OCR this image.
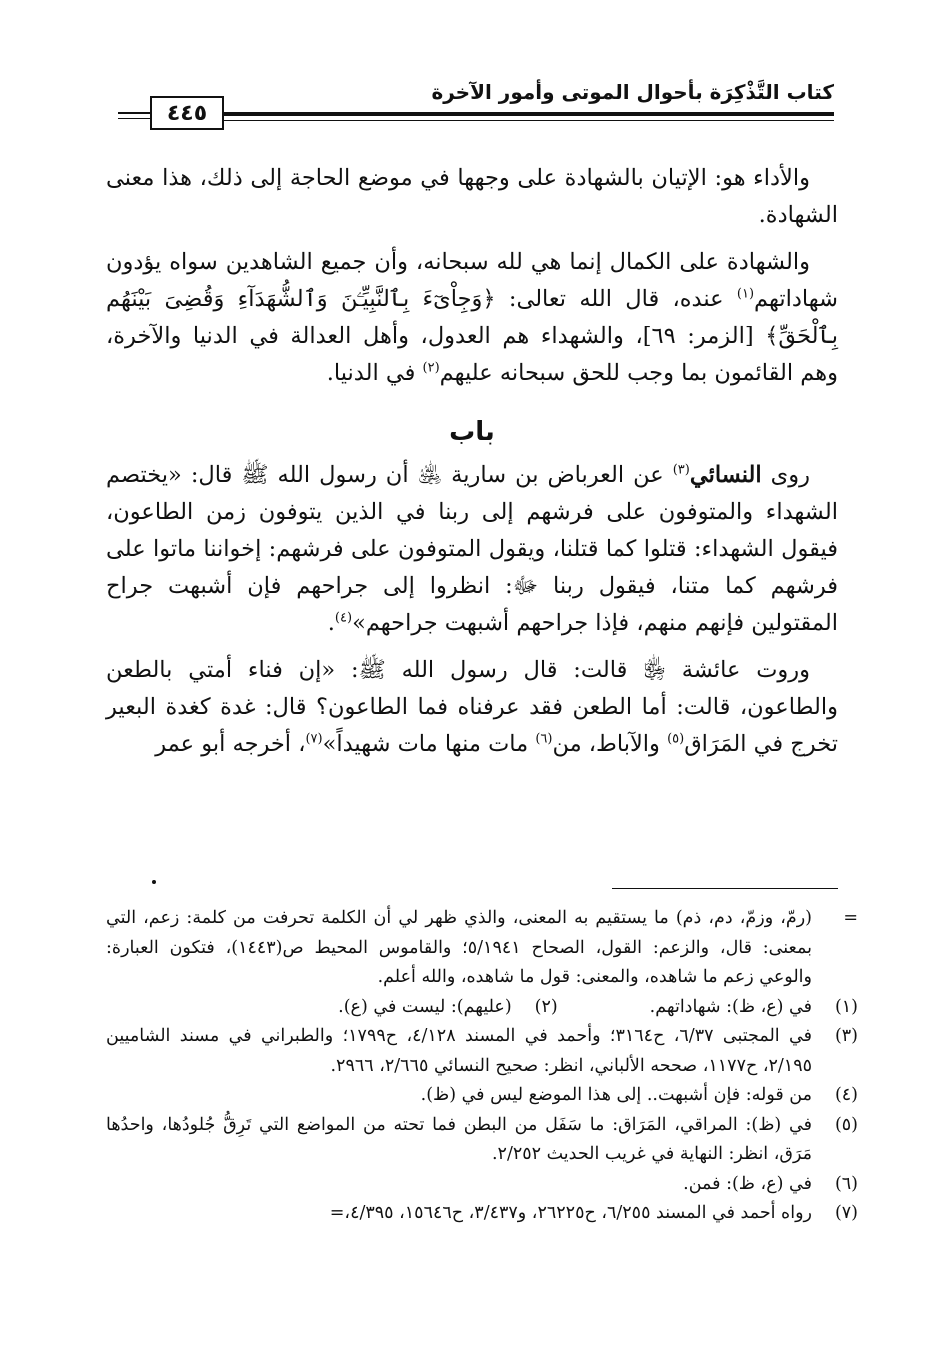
كتاب التَّذْكِرَة بأحوال الموتى وأمور الآخرة
٤٤٥

والأداء هو: الإتيان بالشهادة على وجهها في موضع الحاجة إلى ذلك، هذا معنى الشهادة.

والشهادة على الكمال إنما هي لله سبحانه، وأن جميع الشاهدين سواه يؤدون شهاداتهم$^{(١)}$ عنده، قال الله تعالى: ﴿وَجِاْىٓءَ بِٱلنَّبِيِّـۧنَ وَٱلشُّهَدَآءِ وَقُضِىَ بَيْنَهُم بِٱلْحَقِّ﴾ [الزمر: ٦٩]، والشهداء هم العدول، وأهل العدالة في الدنيا والآخرة، وهم القائمون بما وجب للحق سبحانه عليهم$^{(٢)}$ في الدنيا.

باب

روى النسائي$^{(٣)}$ عن العرباض بن سارية ﵁ أن رسول الله ﷺ قال: «يختصم الشهداء والمتوفون على فرشهم إلى ربنا في الذين يتوفون زمن الطاعون، فيقول الشهداء: قتلوا كما قتلنا، ويقول المتوفون على فرشهم: إخواننا ماتوا على فرشهم كما متنا، فيقول ربنا ﷻ: انظروا إلى جراحهم فإن أشبهت جراح المقتولين فإنهم منهم، فإذا جراحهم أشبهت جراحهم»$^{(٤)}$.

وروت عائشة ﵂ قالت: قال رسول الله ﷺ: «إن فناء أمتي بالطعن والطاعون، قالت: أما الطعن فقد عرفناه فما الطاعون؟ قال: غدة كغدة البعير تخرج في المَرَاق$^{(٥)}$ والآباط، من$^{(٦)}$ مات منها مات شهيداً»$^{(٧)}$، أخرجه أبو عمر

=
(رمّ، وزمّ، دم، ذم) ما يستقيم به المعنى، والذي ظهر لي أن الكلمة تحرفت من كلمة: زعم، التي بمعنى: قال، والزعم: القول، الصحاح ٥/١٩٤١؛ والقاموس المحيط ص(١٤٤٣)، فتكون العبارة: والوعي زعم ما شاهده، والمعنى: قول ما شاهده، والله أعلم.
(١)
في (ع، ظ): شهاداتهم.
(٢)
(عليهم): ليست في (ع).
(٣)
في المجتبى ٦/٣٧، ح٣١٦٤؛ وأحمد في المسند ٤/١٢٨، ح١٧٩٩؛ والطبراني في مسند الشاميين ٢/١٩٥، ح١١٧٧، صححه الألباني، انظر: صحيح النسائي ٢/٦٦٥، ٢٩٦٦.
(٤)
من قوله: فإن أشبهت.. إلى هذا الموضع ليس في (ظ).
(٥)
في (ظ): المراقي، المَرَاق: ما سَفَل من البطن فما تحته من المواضع التي تَرِقُّ جُلودُها، واحدُها مَرَق، انظر: النهاية في غريب الحديث ٢/٢٥٢.
(٦)
في (ع، ظ): فمن.
(٧)
رواه أحمد في المسند ٦/٢٥٥، ح٢٦٢٢٥، و٣/٤٣٧، ح١٥٦٤٦، ٤/٣٩٥،=
